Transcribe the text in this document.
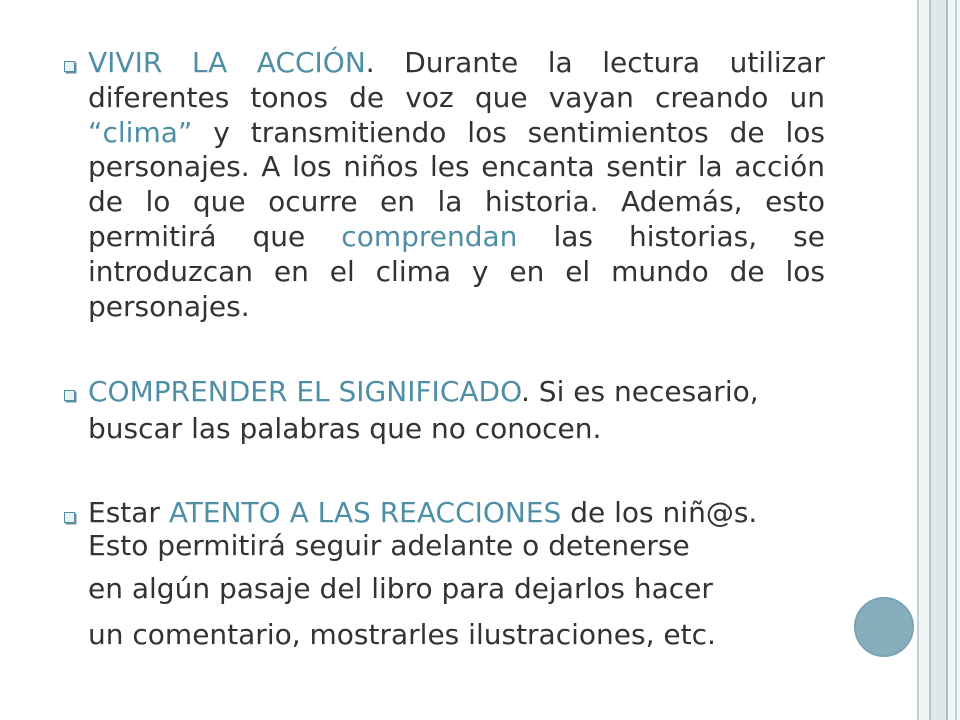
VIVIR LA ACCIÓN. Durante la lectura utilizar
diferentes tonos de voz que vayan creando un
“clima” y transmitiendo los sentimientos de los
personajes. A los niños les encanta sentir la acción
de lo que ocurre en la historia. Además, esto
permitirá que comprendan las historias, se
introduzcan en el clima y en el mundo de los
personajes.
COMPRENDER EL SIGNIFICADO. Si es necesario,
buscar las palabras que no conocen.
Estar ATENTO A LAS REACCIONES de los niñ@s.
Esto permitirá seguir adelante o detenerse
en algún pasaje del libro para dejarlos hacer
un comentario, mostrarles ilustraciones, etc.
